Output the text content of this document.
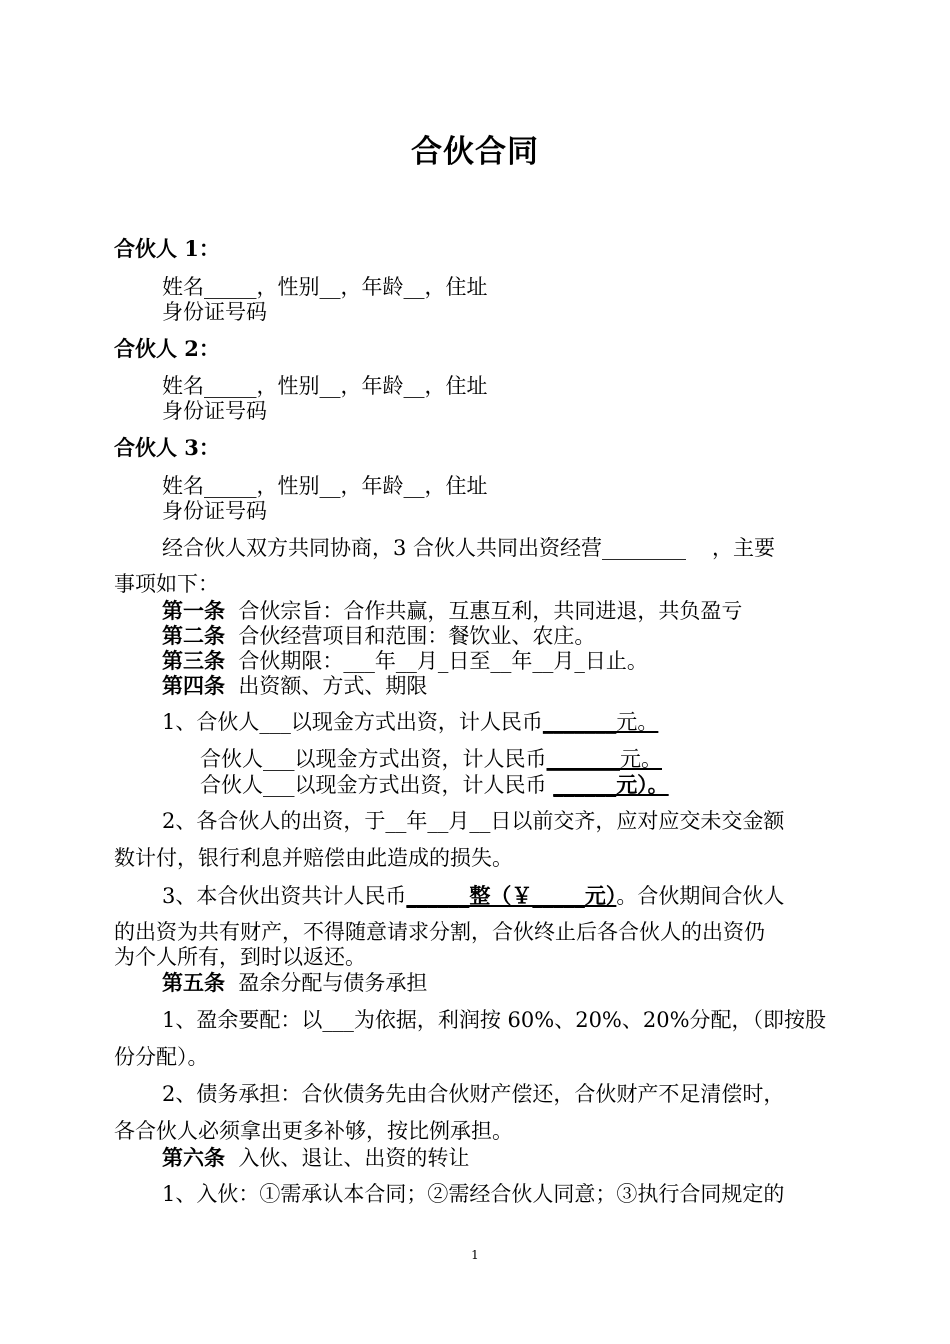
合伙合同
合伙人 1：
姓名_____，性别__，年龄__，住址
身份证号码
合伙人 2：
姓名_____，性别__，年龄__，住址
身份证号码
合伙人 3：
姓名_____，性别__，年龄__，住址
身份证号码
经合伙人双方共同协商，3 合伙人共同出资经营________ ，主要
事项如下：
第一条 合伙宗旨：合作共赢，互惠互利，共同进退，共负盈亏
第二条 合伙经营项目和范围：餐饮业、农庄。
第三条 合伙期限：___年__月_日至__年__月_日止。
第四条 出资额、方式、期限
1、合伙人___以现金方式出资，计人民币_______元。
合伙人___以现金方式出资，计人民币_______元。
合伙人___以现金方式出资，计人民币 ______元）。
2、各合伙人的出资，于__年__月__日以前交齐，应对应交未交金额
数计付，银行利息并赔偿由此造成的损失。
3、本合伙出资共计人民币______整（￥_____元）。合伙期间合伙人
的出资为共有财产，不得随意请求分割，合伙终止后各合伙人的出资仍
为个人所有，到时以返还。
第五条 盈余分配与债务承担
1、盈余要配：以___为依据，利润按 60%、20%、20%分配，（即按股
份分配）。
2、债务承担：合伙债务先由合伙财产偿还，合伙财产不足清偿时，
各合伙人必须拿出更多补够，按比例承担。
第六条 入伙、退让、出资的转让
1、入伙：①需承认本合同；②需经合伙人同意；③执行合同规定的
1
